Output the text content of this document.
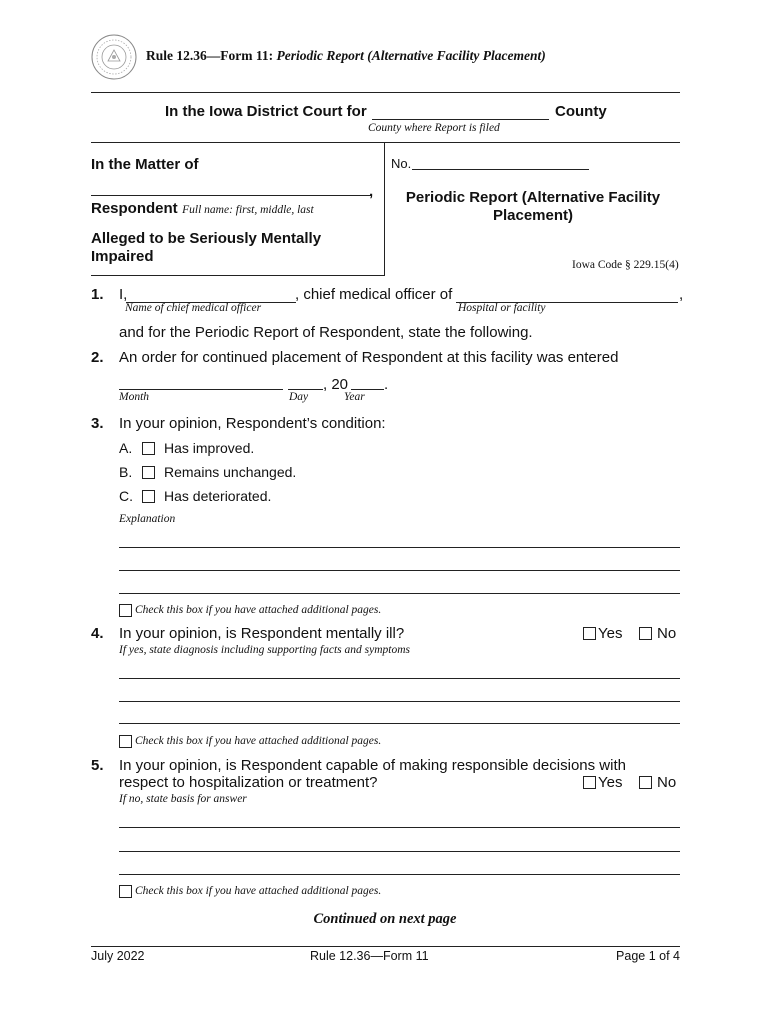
Rule 12.36—Form 11: Periodic Report (Alternative Facility Placement)
In the Iowa District Court for	County
County where Report is filed
In the Matter of
,
Respondent Full name: first, middle, last
Alleged to be Seriously Mentally Impaired
No.
Periodic Report (Alternative Facility Placement)
Iowa Code § 229.15(4)
1. I,	, chief medical officer of	,
Name of chief medical officer	Hospital or facility
and for the Periodic Report of Respondent, state the following.
2. An order for continued placement of Respondent at this facility was entered
, 20 .
Month	Day	Year
3. In your opinion, Respondent’s condition:
A. Has improved.
B. Remains unchanged.
C. Has deteriorated.
Explanation
Check this box if you have attached additional pages.
4. In your opinion, is Respondent mentally ill?	Yes No
If yes, state diagnosis including supporting facts and symptoms
Check this box if you have attached additional pages.
5. In your opinion, is Respondent capable of making responsible decisions with
respect to hospitalization or treatment?	Yes No
If no, state basis for answer
Check this box if you have attached additional pages.
Continued on next page
July 2022	Rule 12.36—Form 11	Page 1 of 4
